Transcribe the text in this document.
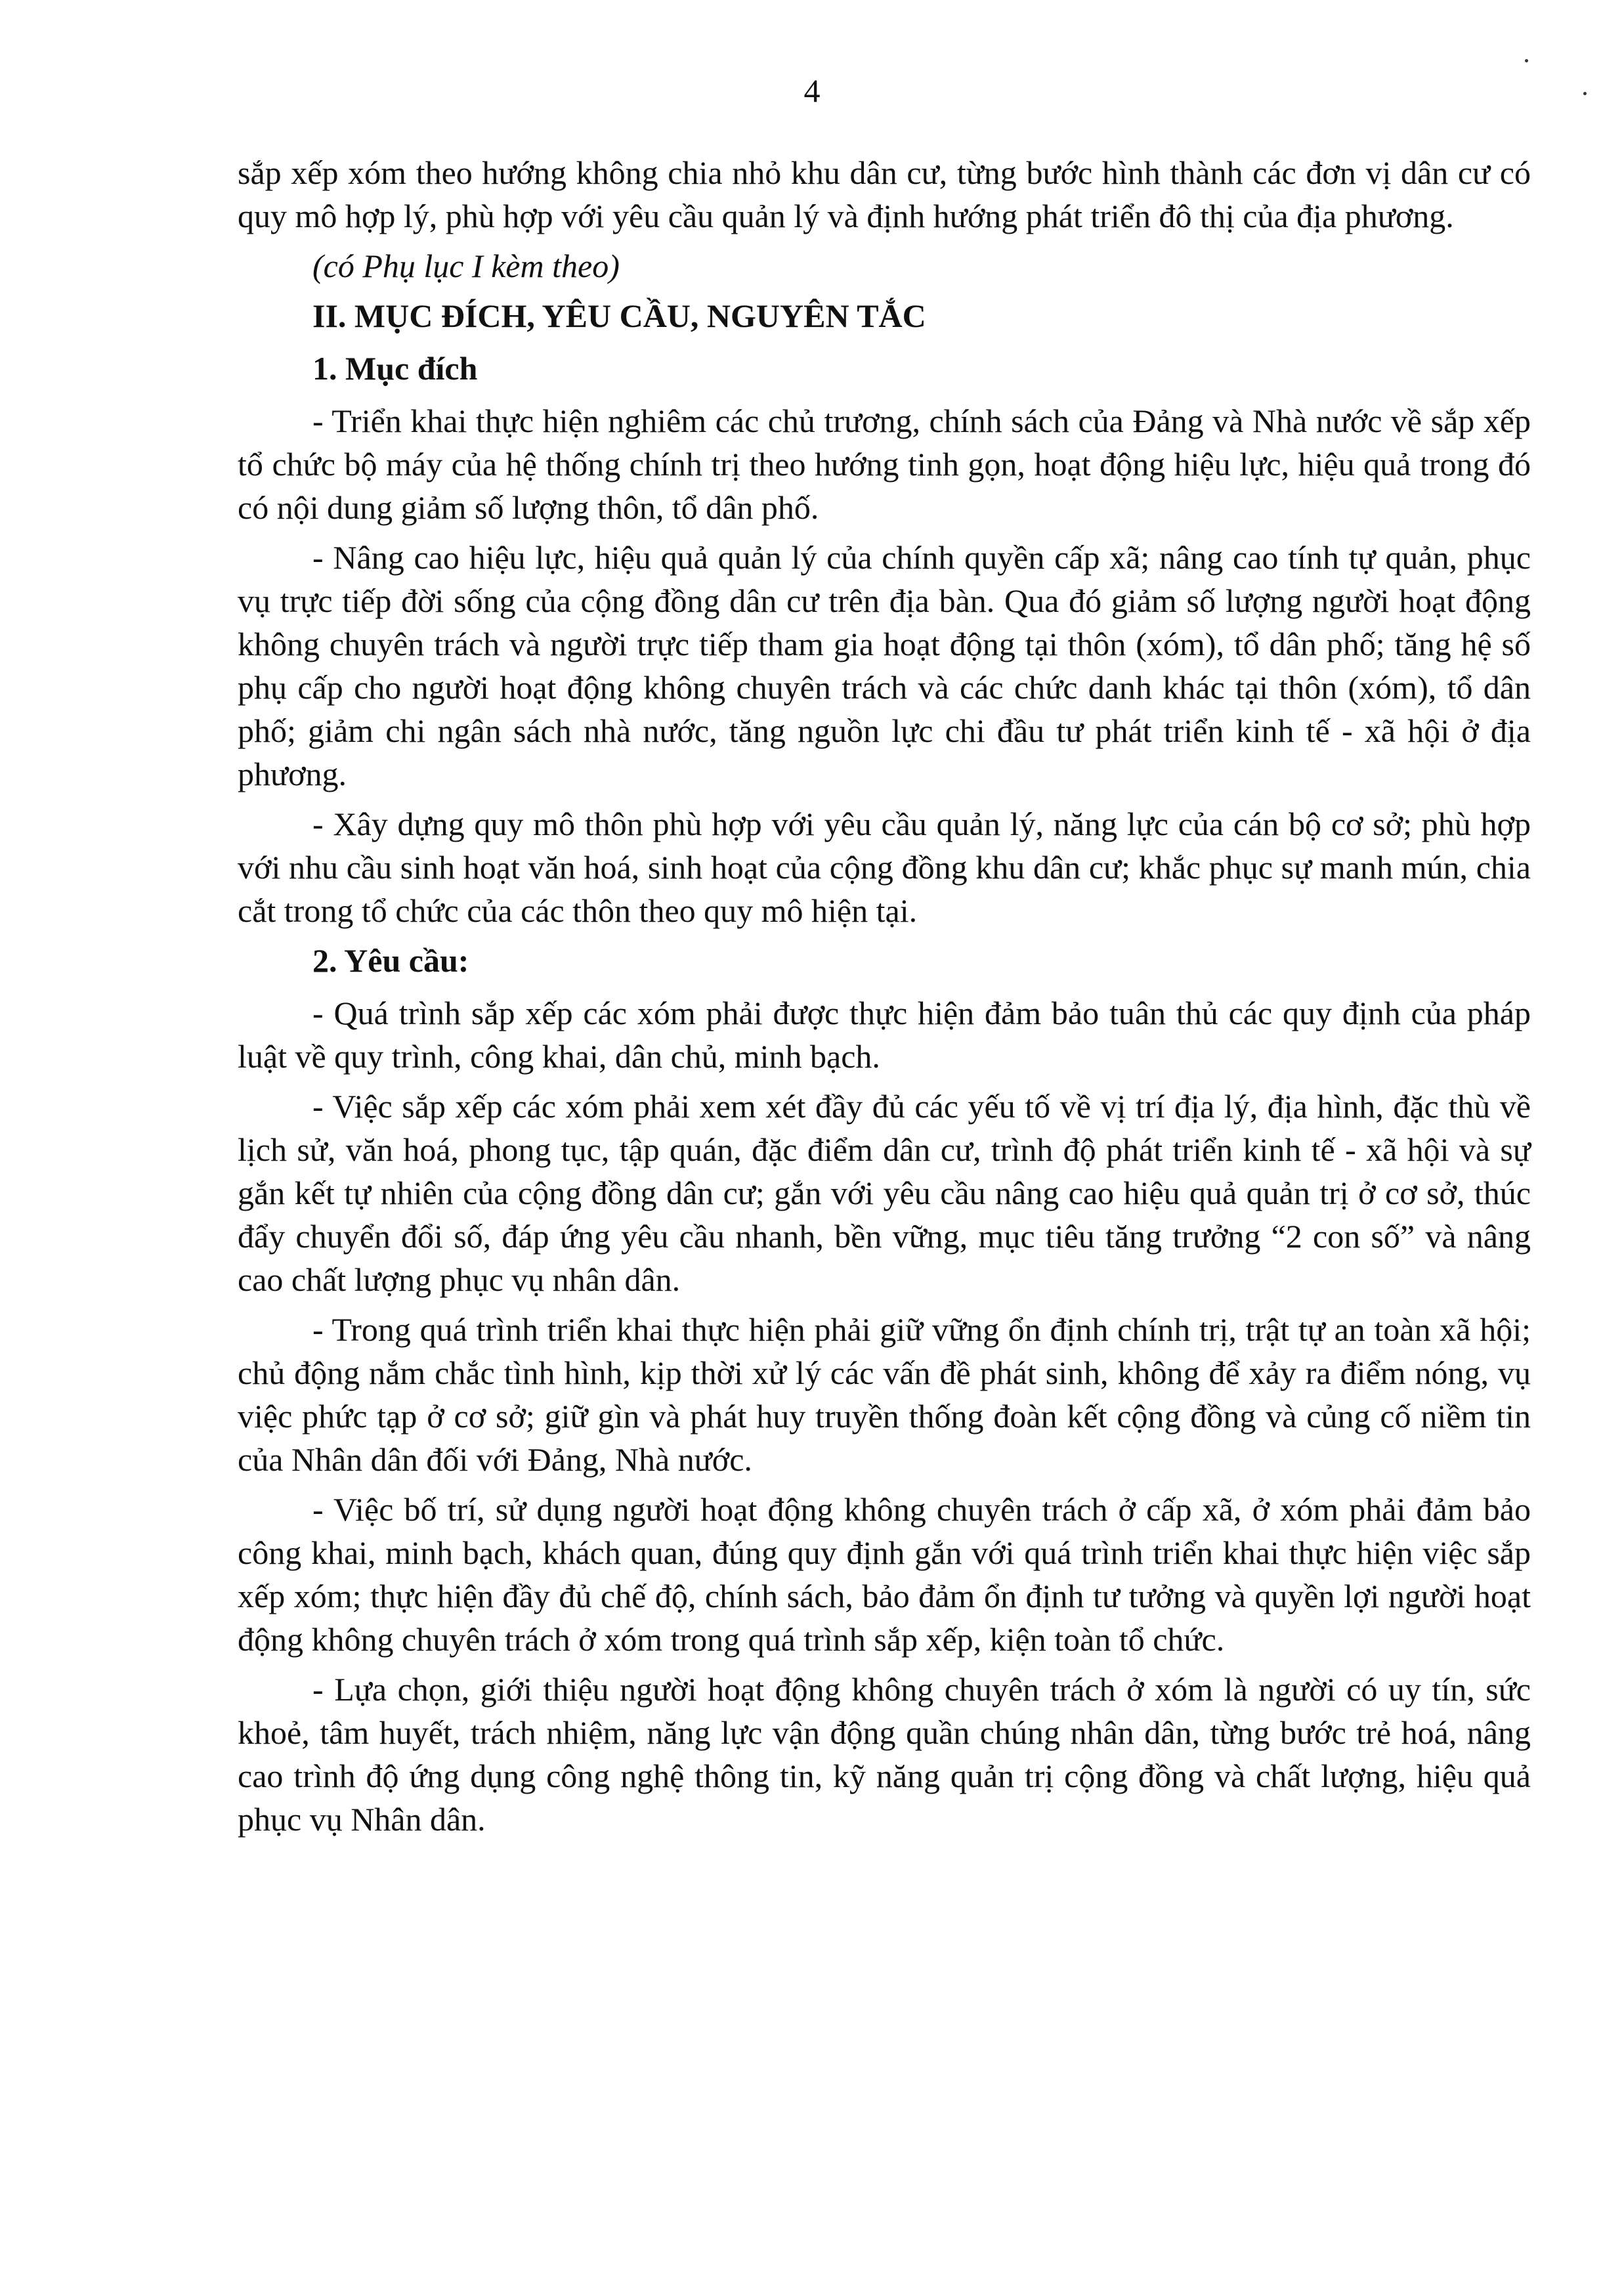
4

sắp xếp xóm theo hướng không chia nhỏ khu dân cư, từng bước hình thành các đơn vị dân cư có quy mô hợp lý, phù hợp với yêu cầu quản lý và định hướng phát triển đô thị của địa phương.

(có Phụ lục I kèm theo)

II. MỤC ĐÍCH, YÊU CẦU, NGUYÊN TẮC

1. Mục đích

- Triển khai thực hiện nghiêm các chủ trương, chính sách của Đảng và Nhà nước về sắp xếp tổ chức bộ máy của hệ thống chính trị theo hướng tinh gọn, hoạt động hiệu lực, hiệu quả trong đó có nội dung giảm số lượng thôn, tổ dân phố.

- Nâng cao hiệu lực, hiệu quả quản lý của chính quyền cấp xã; nâng cao tính tự quản, phục vụ trực tiếp đời sống của cộng đồng dân cư trên địa bàn. Qua đó giảm số lượng người hoạt động không chuyên trách và người trực tiếp tham gia hoạt động tại thôn (xóm), tổ dân phố; tăng hệ số phụ cấp cho người hoạt động không chuyên trách và các chức danh khác tại thôn (xóm), tổ dân phố; giảm chi ngân sách nhà nước, tăng nguồn lực chi đầu tư phát triển kinh tế - xã hội ở địa phương.

- Xây dựng quy mô thôn phù hợp với yêu cầu quản lý, năng lực của cán bộ cơ sở; phù hợp với nhu cầu sinh hoạt văn hoá, sinh hoạt của cộng đồng khu dân cư; khắc phục sự manh mún, chia cắt trong tổ chức của các thôn theo quy mô hiện tại.

2. Yêu cầu:

- Quá trình sắp xếp các xóm phải được thực hiện đảm bảo tuân thủ các quy định của pháp luật về quy trình, công khai, dân chủ, minh bạch.

- Việc sắp xếp các xóm phải xem xét đầy đủ các yếu tố về vị trí địa lý, địa hình, đặc thù về lịch sử, văn hoá, phong tục, tập quán, đặc điểm dân cư, trình độ phát triển kinh tế - xã hội và sự gắn kết tự nhiên của cộng đồng dân cư; gắn với yêu cầu nâng cao hiệu quả quản trị ở cơ sở, thúc đẩy chuyển đổi số, đáp ứng yêu cầu nhanh, bền vững, mục tiêu tăng trưởng “2 con số” và nâng cao chất lượng phục vụ nhân dân.

- Trong quá trình triển khai thực hiện phải giữ vững ổn định chính trị, trật tự an toàn xã hội; chủ động nắm chắc tình hình, kịp thời xử lý các vấn đề phát sinh, không để xảy ra điểm nóng, vụ việc phức tạp ở cơ sở; giữ gìn và phát huy truyền thống đoàn kết cộng đồng và củng cố niềm tin của Nhân dân đối với Đảng, Nhà nước.

- Việc bố trí, sử dụng người hoạt động không chuyên trách ở cấp xã, ở xóm phải đảm bảo công khai, minh bạch, khách quan, đúng quy định gắn với quá trình triển khai thực hiện việc sắp xếp xóm; thực hiện đầy đủ chế độ, chính sách, bảo đảm ổn định tư tưởng và quyền lợi người hoạt động không chuyên trách ở xóm trong quá trình sắp xếp, kiện toàn tổ chức.

- Lựa chọn, giới thiệu người hoạt động không chuyên trách ở xóm là người có uy tín, sức khoẻ, tâm huyết, trách nhiệm, năng lực vận động quần chúng nhân dân, từng bước trẻ hoá, nâng cao trình độ ứng dụng công nghệ thông tin, kỹ năng quản trị cộng đồng và chất lượng, hiệu quả phục vụ Nhân dân.
